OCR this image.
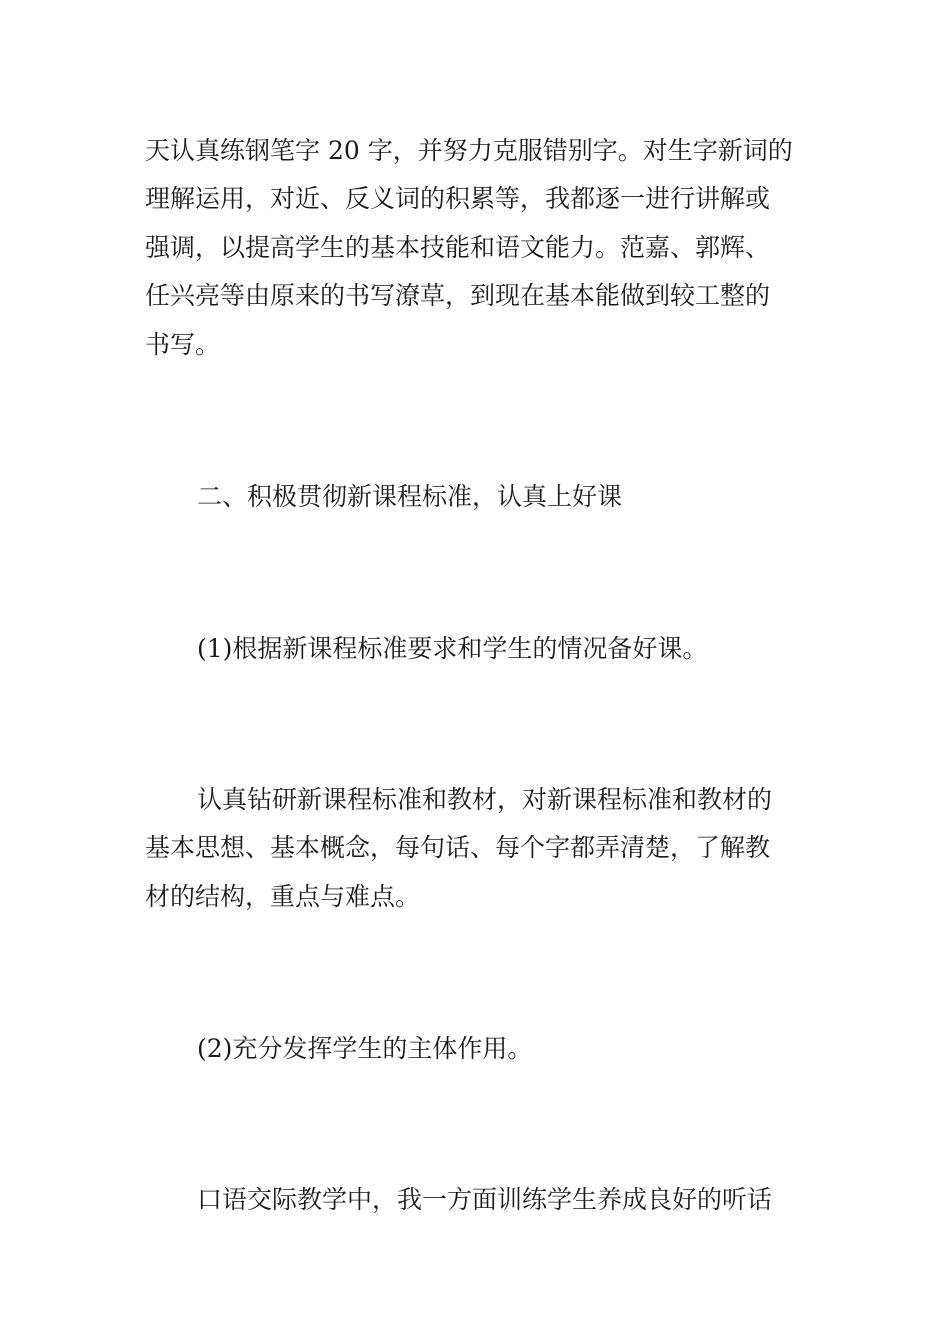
天认真练钢笔字 20 字，并努力克服错别字。对生字新词的
理解运用，对近、反义词的积累等，我都逐一进行讲解或
强调，以提高学生的基本技能和语文能力。范嘉、郭辉、
任兴亮等由原来的书写潦草，到现在基本能做到较工整的
书写。
二、积极贯彻新课程标准，认真上好课
(1)根据新课程标准要求和学生的情况备好课。
认真钻研新课程标准和教材，对新课程标准和教材的
基本思想、基本概念，每句话、每个字都弄清楚，了解教
材的结构，重点与难点。
(2)充分发挥学生的主体作用。
口语交际教学中，我一方面训练学生养成良好的听话
